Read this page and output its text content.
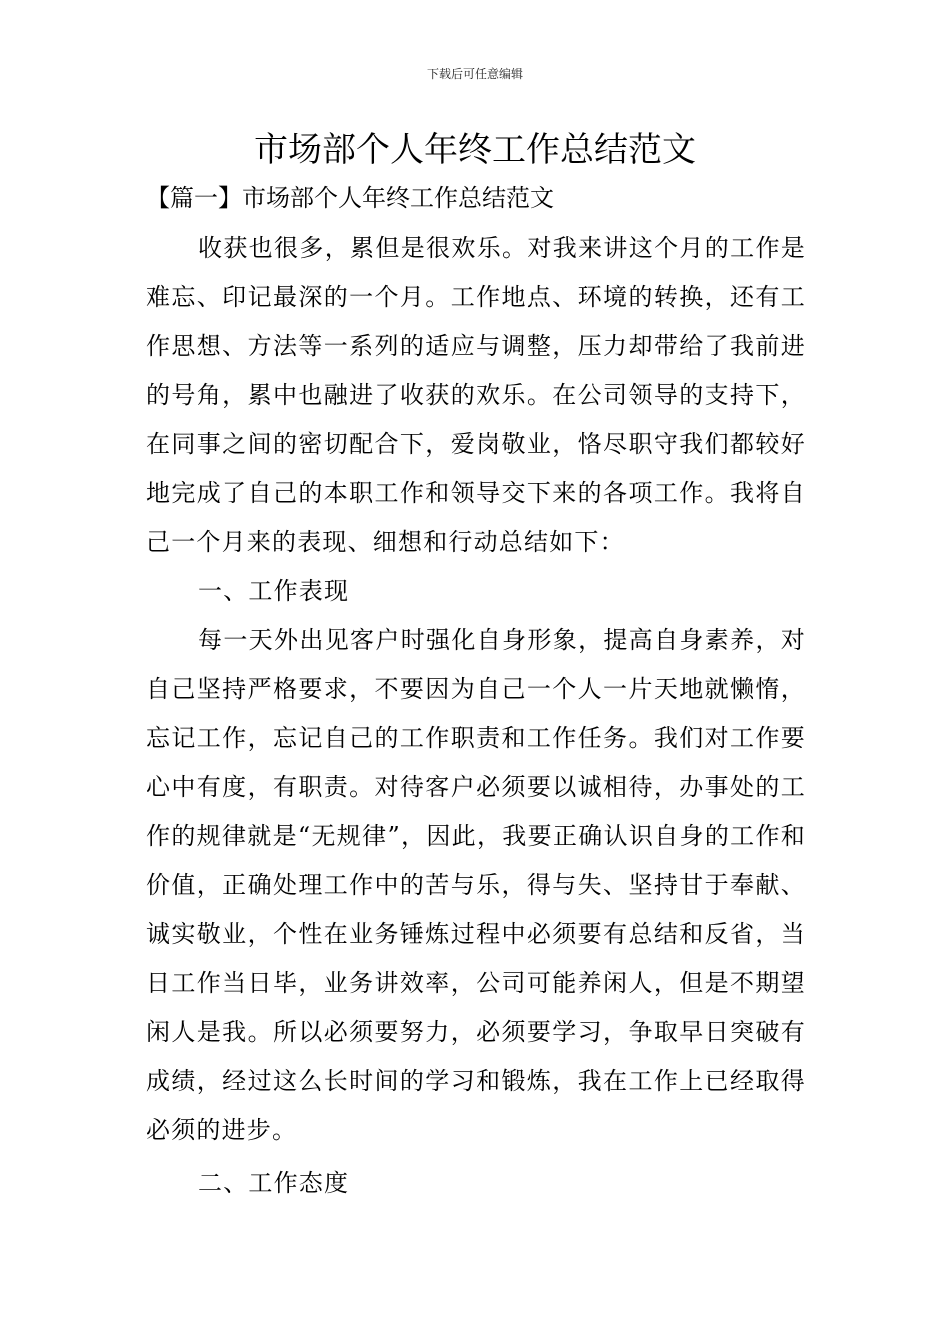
下载后可任意编辑
市场部个人年终工作总结范文
【篇一】市场部个人年终工作总结范文

收获也很多，累但是很欢乐。对我来讲这个月的工作是难忘、印记最深的一个月。工作地点、环境的转换，还有工作思想、方法等一系列的适应与调整，压力却带给了我前进的号角，累中也融进了收获的欢乐。在公司领导的支持下，在同事之间的密切配合下，爱岗敬业，恪尽职守我们都较好地完成了自己的本职工作和领导交下来的各项工作。我将自己一个月来的表现、细想和行动总结如下：

一、工作表现

每一天外出见客户时强化自身形象，提高自身素养，对自己坚持严格要求，不要因为自己一个人一片天地就懒惰，忘记工作，忘记自己的工作职责和工作任务。我们对工作要心中有度，有职责。对待客户必须要以诚相待，办事处的工作的规律就是“无规律”，因此，我要正确认识自身的工作和价值，正确处理工作中的苦与乐，得与失、坚持甘于奉献、诚实敬业，个性在业务锤炼过程中必须要有总结和反省，当日工作当日毕，业务讲效率，公司可能养闲人，但是不期望闲人是我。所以必须要努力，必须要学习，争取早日突破有成绩，经过这么长时间的学习和锻炼，我在工作上已经取得必须的进步。

二、工作态度
